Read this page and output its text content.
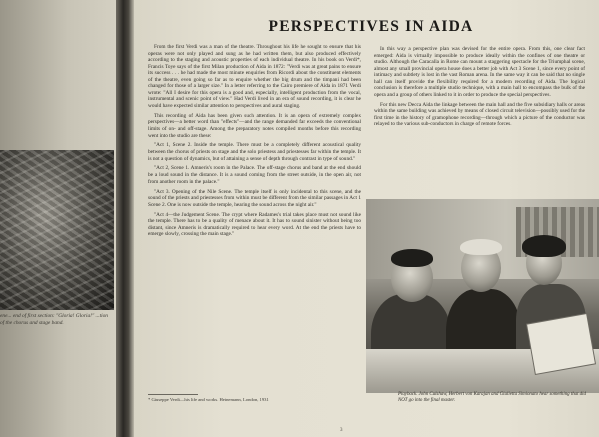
ene... end of first section: "Gloria! Gloria!" ...tion of the chorus and stage band.
PERSPECTIVES IN AIDA

From the first Verdi was a man of the theatre. Throughout his life he sought to ensure that his operas were not only played and sung as he had written them, but also produced effectively according to the staging and acoustic properties of each individual theatre. In his book on Verdi*, Francis Toye says of the first Milan production of Aida in 1872: "Verdi was at great pains to ensure its success . . . he had made the most minute enquiries from Ricordi about the constituent elements of the theatre, even going so far as to enquire whether the big drum and the timpani had been changed for those of a larger size." In a letter referring to the Cairo premiere of Aida in 1871 Verdi wrote: "All I desire for this opera is a good and, especially, intelligent production from the vocal, instrumental and scenic point of view." Had Verdi lived in an era of sound recording, it is clear he would have expected similar attention to perspectives and aural staging.

This recording of Aida has been given such attention. It is an opera of extremely complex perspectives—a better word than "effects"—and the range demanded far exceeds the conventional limits of on- and off-stage. Among the preparatory notes compiled months before this recording went into the studio are these:

"Act 1, Scene 2. Inside the temple. There must be a completely different acoustical quality between the chorus of priests on stage and the solo priestess and priestesses far within the temple. It is not a question of dynamics, but of attaining a sense of depth through contrast in type of sound."

"Act 2, Scene 1. Amneris's room in the Palace. The off-stage chorus and band at the end should be a loud sound in the distance. It is a sound coming from the street outside, in the open air, not from another room in the palace."

"Act 3. Opening of the Nile Scene. The temple itself is only incidental to this scene, and the sound of the priests and priestesses from within must be different from the similar passages in Act 1 Scene 2. One is now outside the temple, hearing the sound across the night air."

"Act 4—the Judgement Scene. The crypt where Radames's trial takes place must not sound like the temple. There has to be a quality of menace about it. It has to sound sinister without being too distant, since Amneris is dramatically required to hear every word. At the end the priests have to emerge slowly, crossing the main stage."

* Giuseppe Verdi—his life and works. Heinemann, London, 1931

In this way a perspective plan was devised for the entire opera. From this, one clear fact emerged: Aida is virtually impossible to produce ideally within the confines of one theatre or studio. Although the Caracalla in Rome can mount a staggering spectacle for the Triumphal scene, almost any small provincial opera house does a better job with Act 3 Scene 1, since every point of intimacy and subtlety is lost in the vast Roman arena. In the same way it can be said that no single hall can itself provide the flexibility required for a modern recording of Aida. The logical conclusion is therefore a multiple studio technique, with a main hall to encompass the bulk of the opera and a group of others linked to it in order to produce the special perspectives.

For this new Decca Aida the linkage between the main hall and the five subsidiary halls or areas within the same building was achieved by means of closed circuit television—possibly used for the first time in the history of gramophone recording—through which a picture of the conductor was relayed to the various sub-conductors in charge of remote forces.

Playback. John Culshaw, Herbert von Karajan and Giulietta Simionato hear something that did NOT go into the final master.
3
